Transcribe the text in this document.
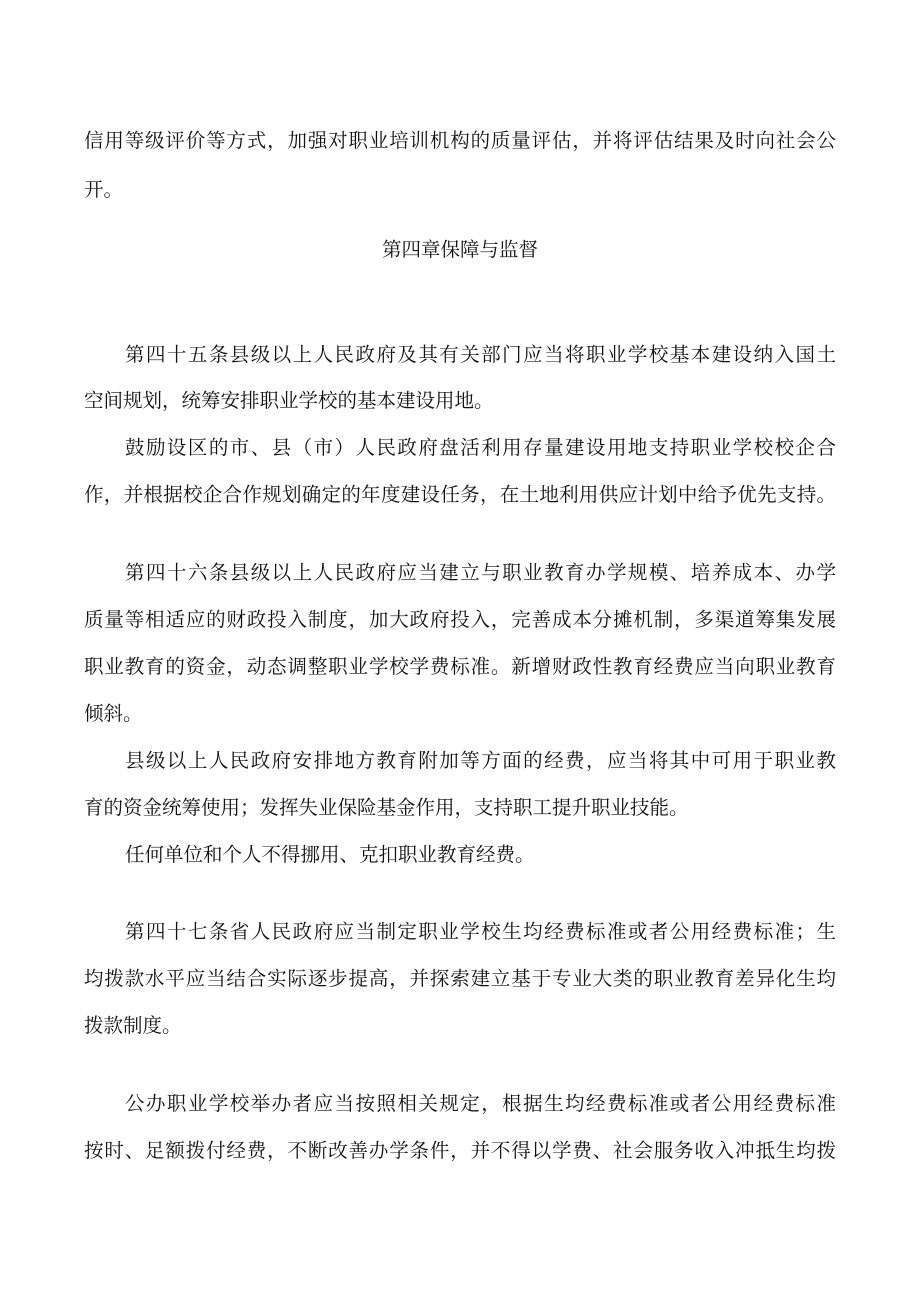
信用等级评价等方式，加强对职业培训机构的质量评估，并将评估结果及时向社会公
开。
第四章保障与监督
第四十五条县级以上人民政府及其有关部门应当将职业学校基本建设纳入国土
空间规划，统筹安排职业学校的基本建设用地。
鼓励设区的市、县（市）人民政府盘活利用存量建设用地支持职业学校校企合
作，并根据校企合作规划确定的年度建设任务，在土地利用供应计划中给予优先支持。
第四十六条县级以上人民政府应当建立与职业教育办学规模、培养成本、办学
质量等相适应的财政投入制度，加大政府投入，完善成本分摊机制，多渠道筹集发展
职业教育的资金，动态调整职业学校学费标准。新增财政性教育经费应当向职业教育
倾斜。
县级以上人民政府安排地方教育附加等方面的经费，应当将其中可用于职业教
育的资金统筹使用；发挥失业保险基金作用，支持职工提升职业技能。
任何单位和个人不得挪用、克扣职业教育经费。
第四十七条省人民政府应当制定职业学校生均经费标准或者公用经费标准；生
均拨款水平应当结合实际逐步提高，并探索建立基于专业大类的职业教育差异化生均
拨款制度。
公办职业学校举办者应当按照相关规定，根据生均经费标准或者公用经费标准
按时、足额拨付经费，不断改善办学条件，并不得以学费、社会服务收入冲抵生均拨
